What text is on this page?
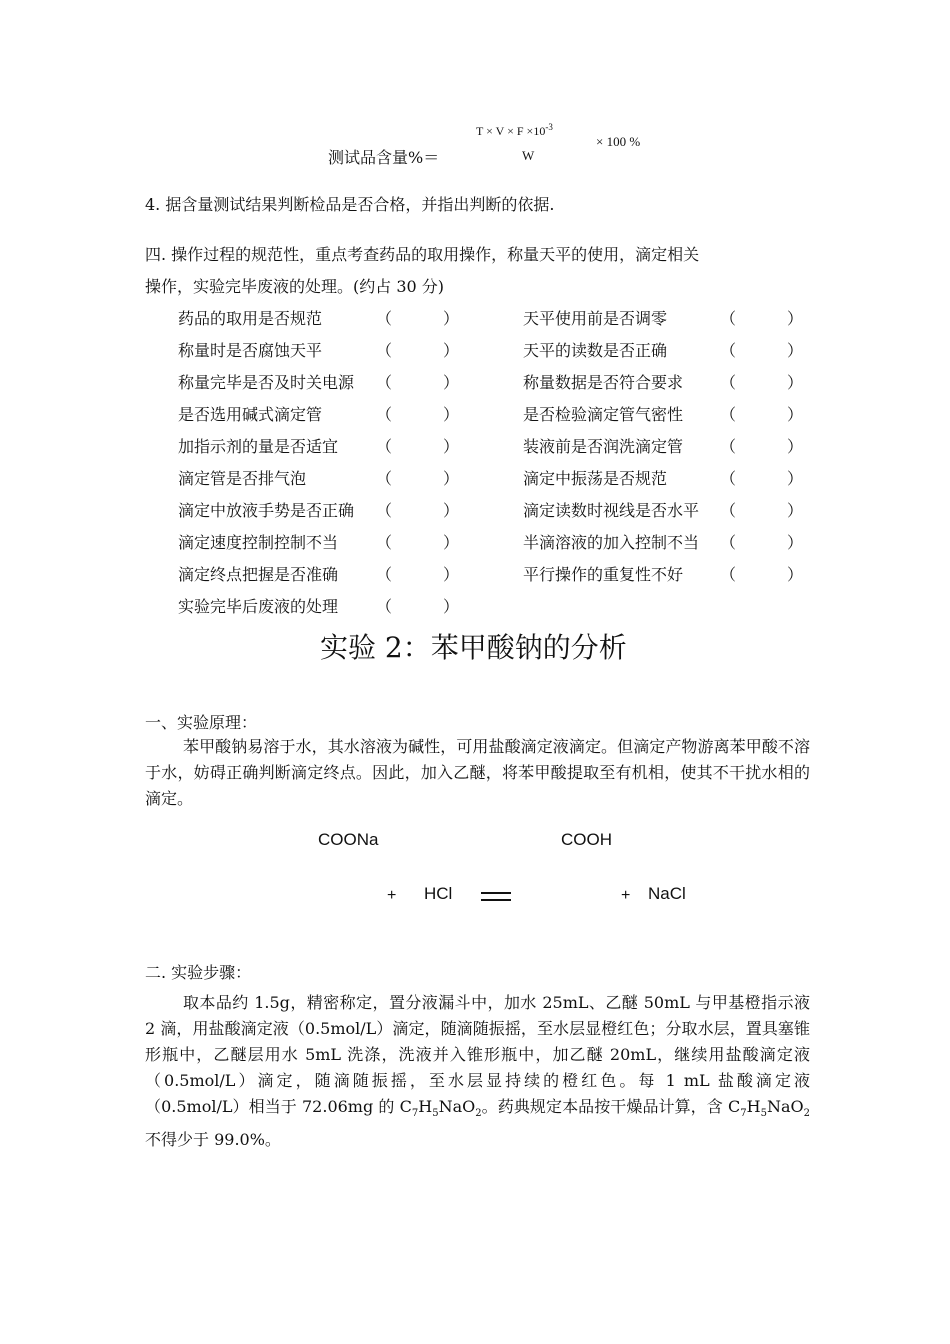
$T \times V \times F \times 10^{-3}$
测试品含量%＝	W
× 100 %
4. 据含量测试结果判断检品是否合格，并指出判断的依据.
四. 操作过程的规范性，重点考查药品的取用操作，称量天平的使用，滴定相关
操作，实验完毕废液的处理。(约占 30 分)
药品的取用是否规范	（	）	天平使用前是否调零	（	）
称量时是否腐蚀天平	（	）	天平的读数是否正确	（	）
称量完毕是否及时关电源 （	）	称量数据是否符合要求 （	）
是否选用碱式滴定管	（	）	是否检验滴定管气密性 （	）
加指示剂的量是否适宜 （	）	装液前是否润洗滴定管 （	）
滴定管是否排气泡	（	）	滴定中振荡是否规范	（	）
滴定中放液手势是否正确 （	）	滴定读数时视线是否水平 （	）
滴定速度控制控制不当 （	）	半滴溶液的加入控制不当 （	）
滴定终点把握是否准确 （	）	平行操作的重复性不好 （	）
实验完毕后废液的处理 （	）
实验 2：苯甲酸钠的分析
一、实验原理：
苯甲酸钠易溶于水，其水溶液为碱性，可用盐酸滴定液滴定。但滴定产物游离苯甲酸不溶于水，妨碍正确判断滴定终点。因此，加入乙醚，将苯甲酸提取至有机相，使其不干扰水相的滴定。
COONa	COOH
+ HCl	+ NaCl
二. 实验步骤：
取本品约 1.5g，精密称定，置分液漏斗中，加水 25mL、乙醚 50mL 与甲基橙指示液 2 滴，用盐酸滴定液（0.5mol/L）滴定，随滴随振摇，至水层显橙红色；分取水层，置具塞锥形瓶中，乙醚层用水 5mL 洗涤，洗液并入锥形瓶中，加乙醚 20mL，继续用盐酸滴定液（0.5mol/L）滴定，随滴随振摇，至水层显持续的橙红色。每 1 mL 盐酸滴定液（0.5mol/L）相当于 72.06mg 的 $C_7H_5NaO_2$。药典规定本品按干燥品计算，含 $C_7H_5NaO_2$ 不得少于 99.0%。
